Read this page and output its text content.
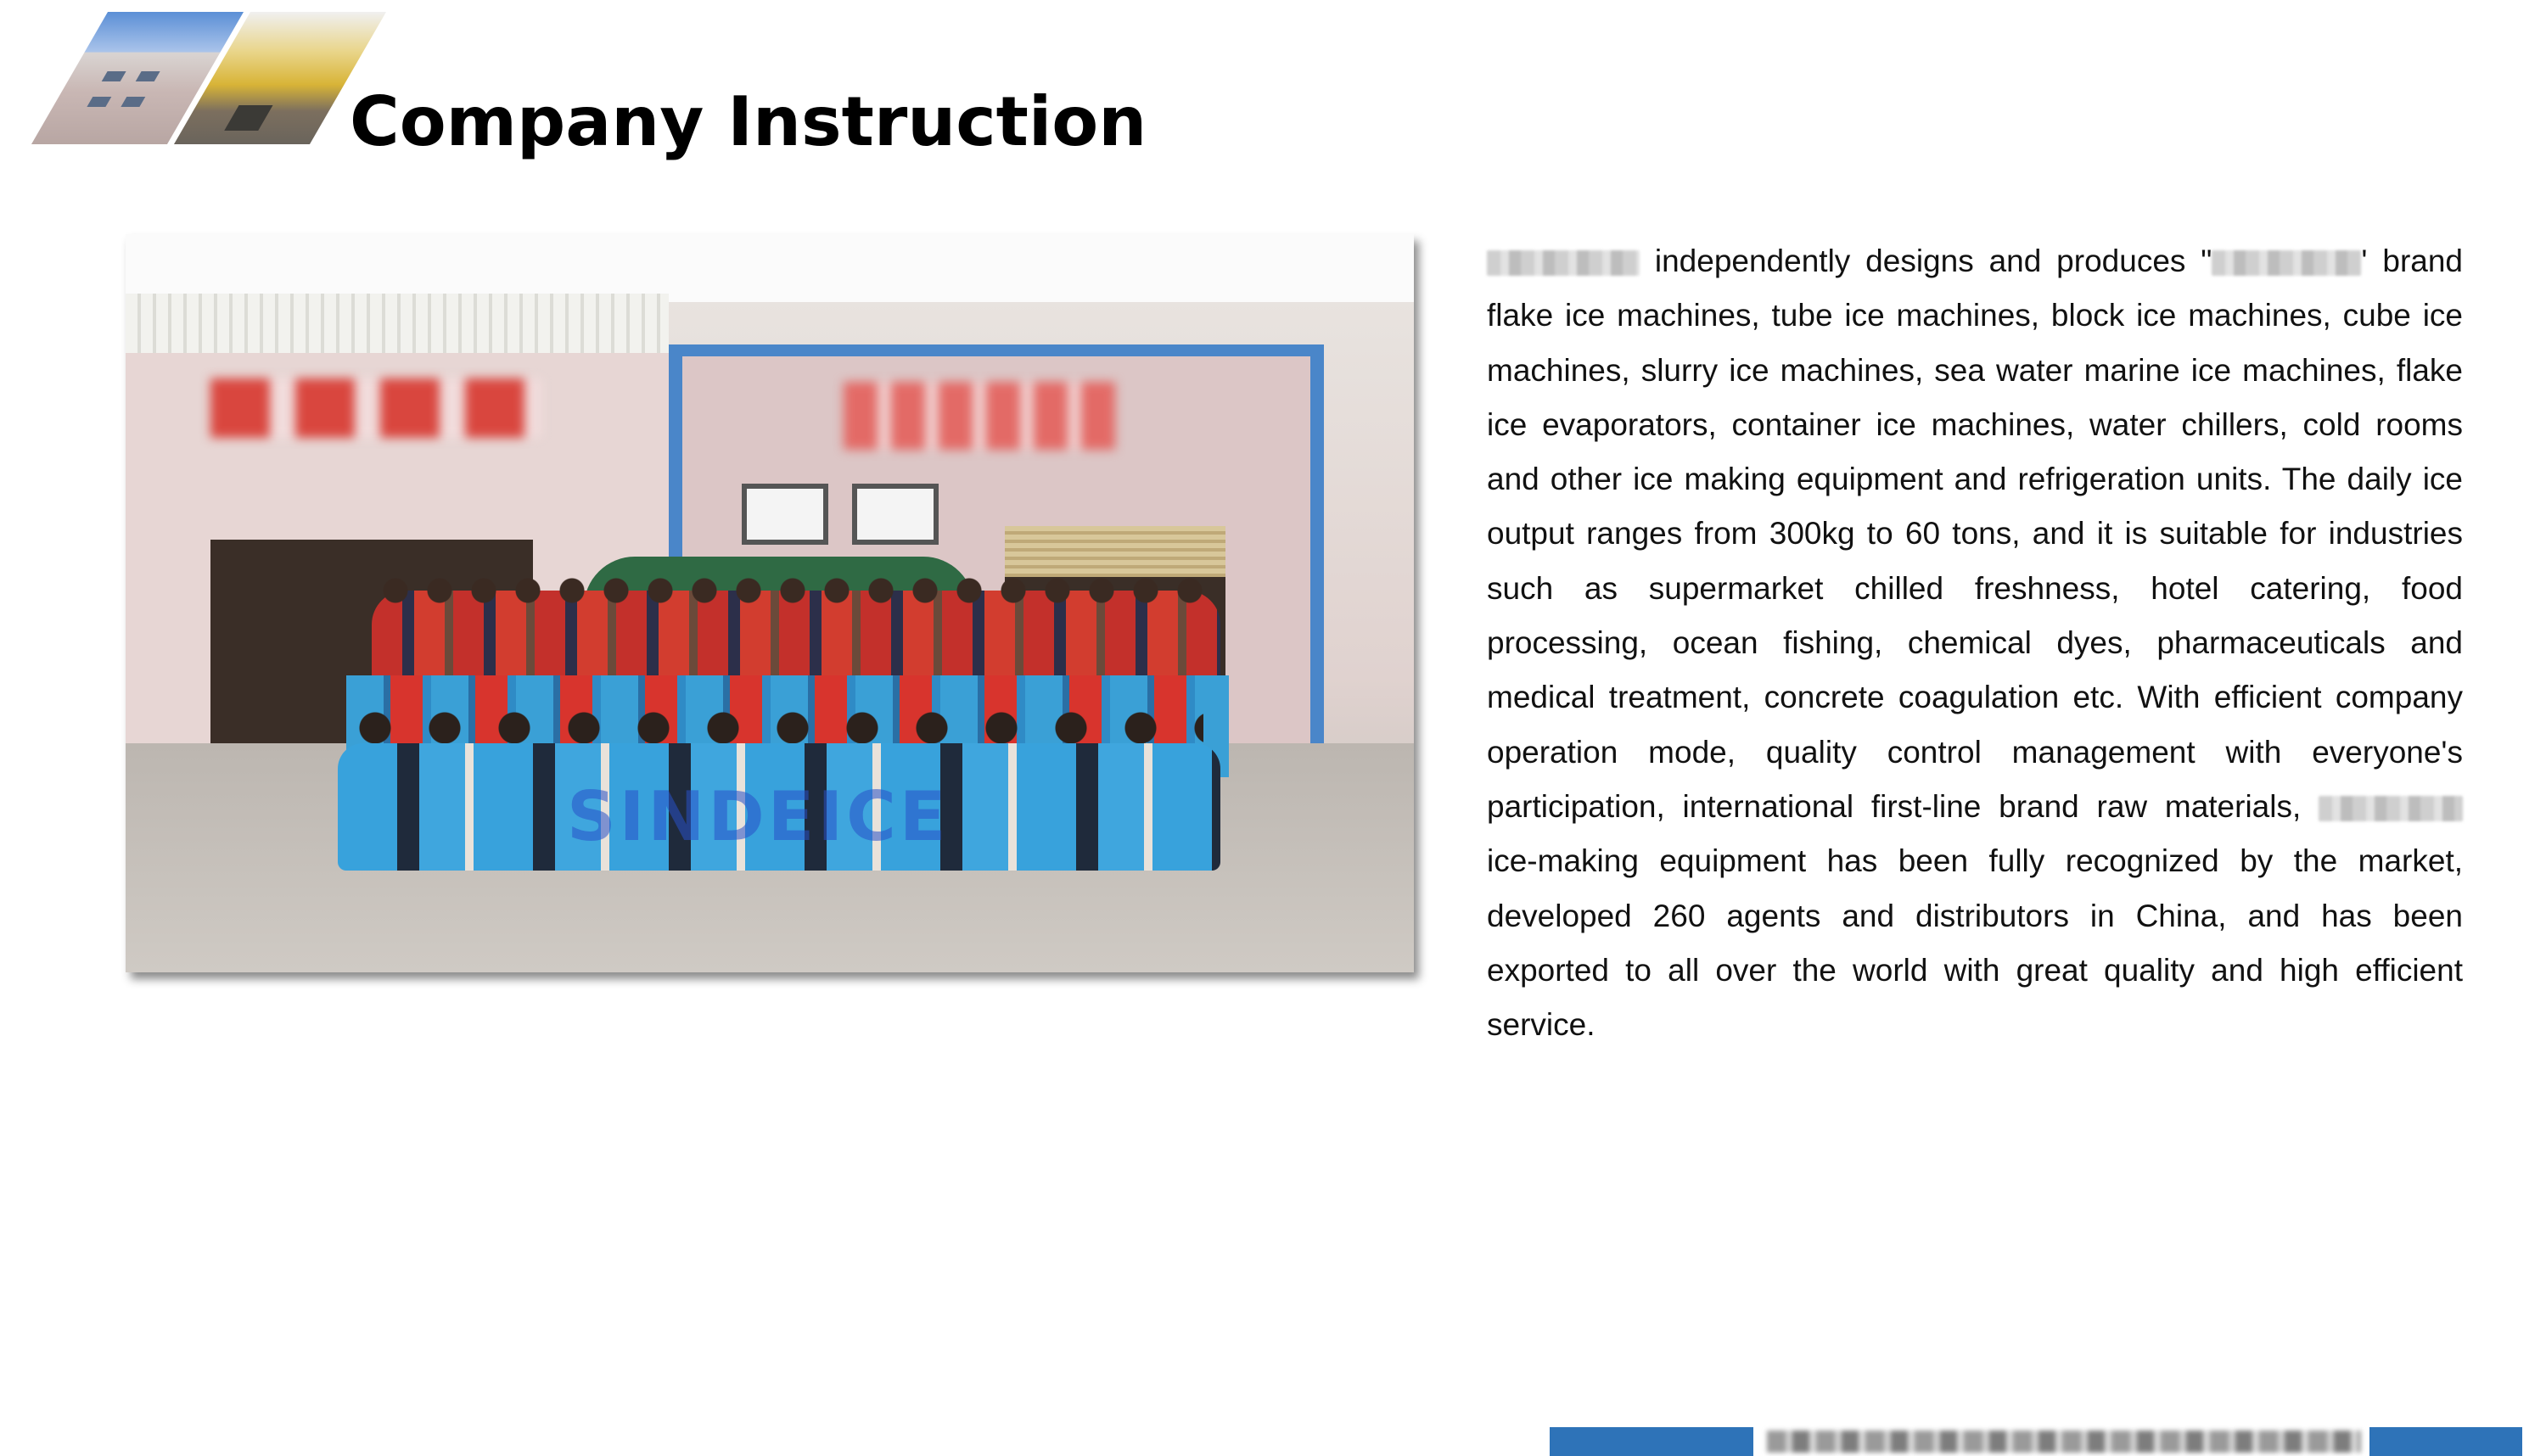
Company Instruction
SINDEICE

independently designs and produces "	' brand flake ice machines, tube ice machines, block ice machines, cube ice machines, slurry ice machines, sea water marine ice machines, flake ice evaporators, container ice machines, water chillers, cold rooms and other ice making equipment and refrigeration units. The daily ice output ranges from 300kg to 60 tons, and it is suitable for industries such as supermarket chilled freshness, hotel catering, food processing, ocean fishing, chemical dyes, pharmaceuticals and medical treatment, concrete coagulation etc. With efficient company operation mode, quality control management with everyone's participation, international first-line brand raw materials,  ice-making equipment has been fully recognized by the market, developed 260 agents and distributors in China, and has been exported to all over the world with great quality and high efficient service.
